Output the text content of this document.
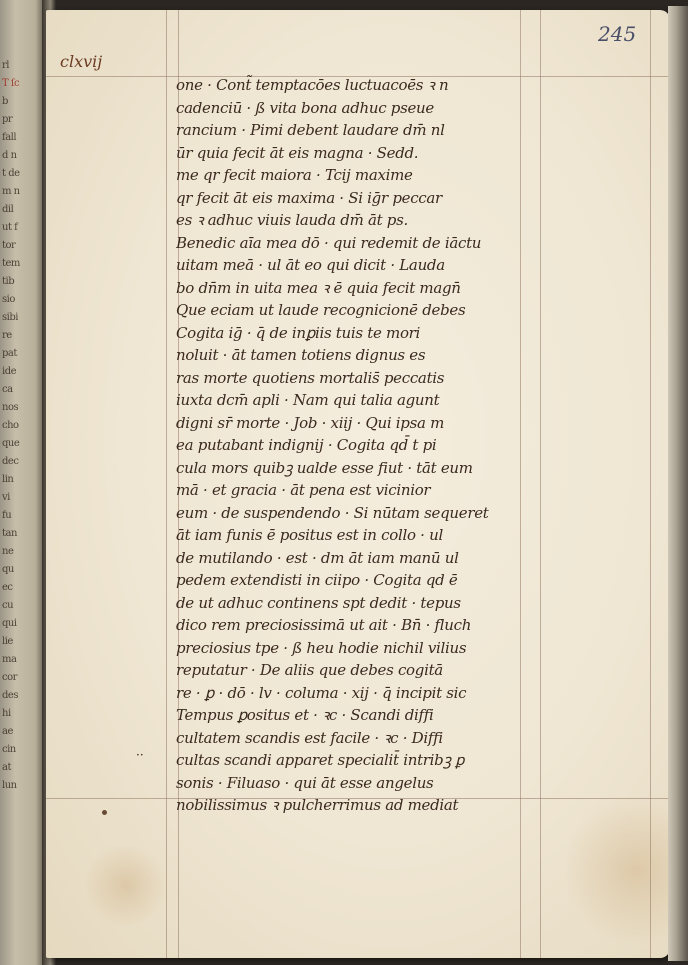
rl̄
T ſc
b
pr
fall
d̄ n
t de
m n
dil
ut f
tor
tem
tib
sio
sibi
re
pat
ide
ca
nos
cho
que
dec
lin
vi
fu
tan
ne
qu
ec
cu
qui
lie
ma
cor
des
hi
ae
cin
at
lun
clxvij
245
one · Cont̃ temptacōes luctuacoēs ꝛ n
cadenciū · ß vita bona adhuc pseue
rancium · Pimi debent laudare dm̄ nl
ūr quia fecit āt eis magna · Sedd.
me qr fecit maiora · Tcij maxime
qr fecit āt eis maxima · Si iḡr peccar
es ꝛ adhuc viuis lauda dm̄ āt ps.
Benedic aīa mea dō · qui redemit de iāctu
uitam meā · ul āt eo qui dicit · Lauda
bo dn̄m in uita mea ꝛ ē quia fecit magn̄
Que eciam ut laude recognicionē debes
Cogita iḡ · q̄ de inꝑiis tuis te mori
noluit · āt tamen totiens dignus es
ras morte quotiens mortalis̄ peccatis
iuxta dcm̄ apli · Nam qui talia agunt
digni sr̄ morte · Job · xiij · Qui ipsa m
ea putabant indignij · Cogita qd̄ t pi
cula mors quibꝫ ualde esse fiut · tāt eum
mā · et gracia · āt pena est vicinior
eum · de suspendendo · Si nūtam sequeret
āt iam funis ē positus est in collo · ul
de mutilando · est · dm āt iam manū ul
pedem extendisti in ciipo · Cogita qd ē
de ut adhuc continens spt dedit · tepus
dico rem preciosissimā ut ait · Bn̄ · fluch
preciosius tpe · ß heu hodie nichil vilius
reputatur · De aliis que debes cogitā
re · ꝑ · dō · lv · columa · xij · q̄ incipit sic
Tempus ꝑositus et · ꝛc · Scandi diffi
cultatem scandis est facile · ꝛc · Diffi
cultas scandi apparet specialit̄ intribꝫ ꝑ
sonis · Filuaso · qui āt esse angelus
nobilissimus ꝛ pulcherrimus ad mediat
··
